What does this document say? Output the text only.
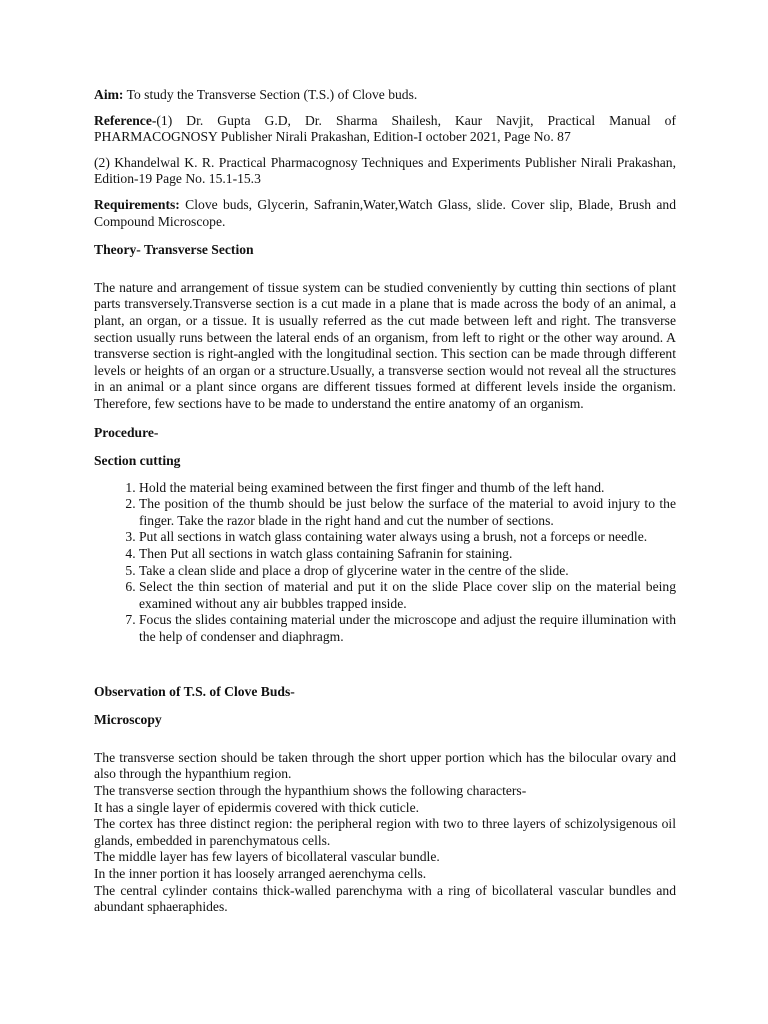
Aim: To study the Transverse Section (T.S.) of Clove buds.

Reference-(1) Dr. Gupta G.D, Dr. Sharma Shailesh, Kaur Navjit, Practical Manual of PHARMACOGNOSY Publisher Nirali Prakashan, Edition-I october 2021, Page No. 87

(2) Khandelwal K. R. Practical Pharmacognosy Techniques and Experiments Publisher Nirali Prakashan, Edition-19 Page No. 15.1-15.3

Requirements: Clove buds, Glycerin, Safranin,Water,Watch Glass, slide. Cover slip, Blade, Brush and Compound Microscope.

Theory- Transverse Section

The nature and arrangement of tissue system can be studied conveniently by cutting thin sections of plant parts transversely.Transverse section is a cut made in a plane that is made across the body of an animal, a plant, an organ, or a tissue. It is usually referred as the cut made between left and right. The transverse section usually runs between the lateral ends of an organism, from left to right or the other way around. A transverse section is right-angled with the longitudinal section. This section can be made through different levels or heights of an organ or a structure.Usually, a transverse section would not reveal all the structures in an animal or a plant since organs are different tissues formed at different levels inside the organism. Therefore, few sections have to be made to understand the entire anatomy of an organism.

Procedure-
Section cutting
1. Hold the material being examined between the first finger and thumb of the left hand.
2. The position of the thumb should be just below the surface of the material to avoid injury to the finger. Take the razor blade in the right hand and cut the number of sections.
3. Put all sections in watch glass containing water always using a brush, not a forceps or needle.
4. Then Put all sections in watch glass containing Safranin for staining.
5. Take a clean slide and place a drop of glycerine water in the centre of the slide.
6. Select the thin section of material and put it on the slide Place cover slip on the material being examined without any air bubbles trapped inside.
7. Focus the slides containing material under the microscope and adjust the require illumination with the help of condenser and diaphragm.
Observation of T.S. of Clove Buds-
Microscopy

The transverse section should be taken through the short upper portion which has the bilocular ovary and also through the hypanthium region.

The transverse section through the hypanthium shows the following characters-

It has a single layer of epidermis covered with thick cuticle.

The cortex has three distinct region: the peripheral region with two to three layers of schizolysigenous oil glands, embedded in parenchymatous cells.

The middle layer has few layers of bicollateral vascular bundle.

In the inner portion it has loosely arranged aerenchyma cells.

The central cylinder contains thick-walled parenchyma with a ring of bicollateral vascular bundles and abundant sphaeraphides.
